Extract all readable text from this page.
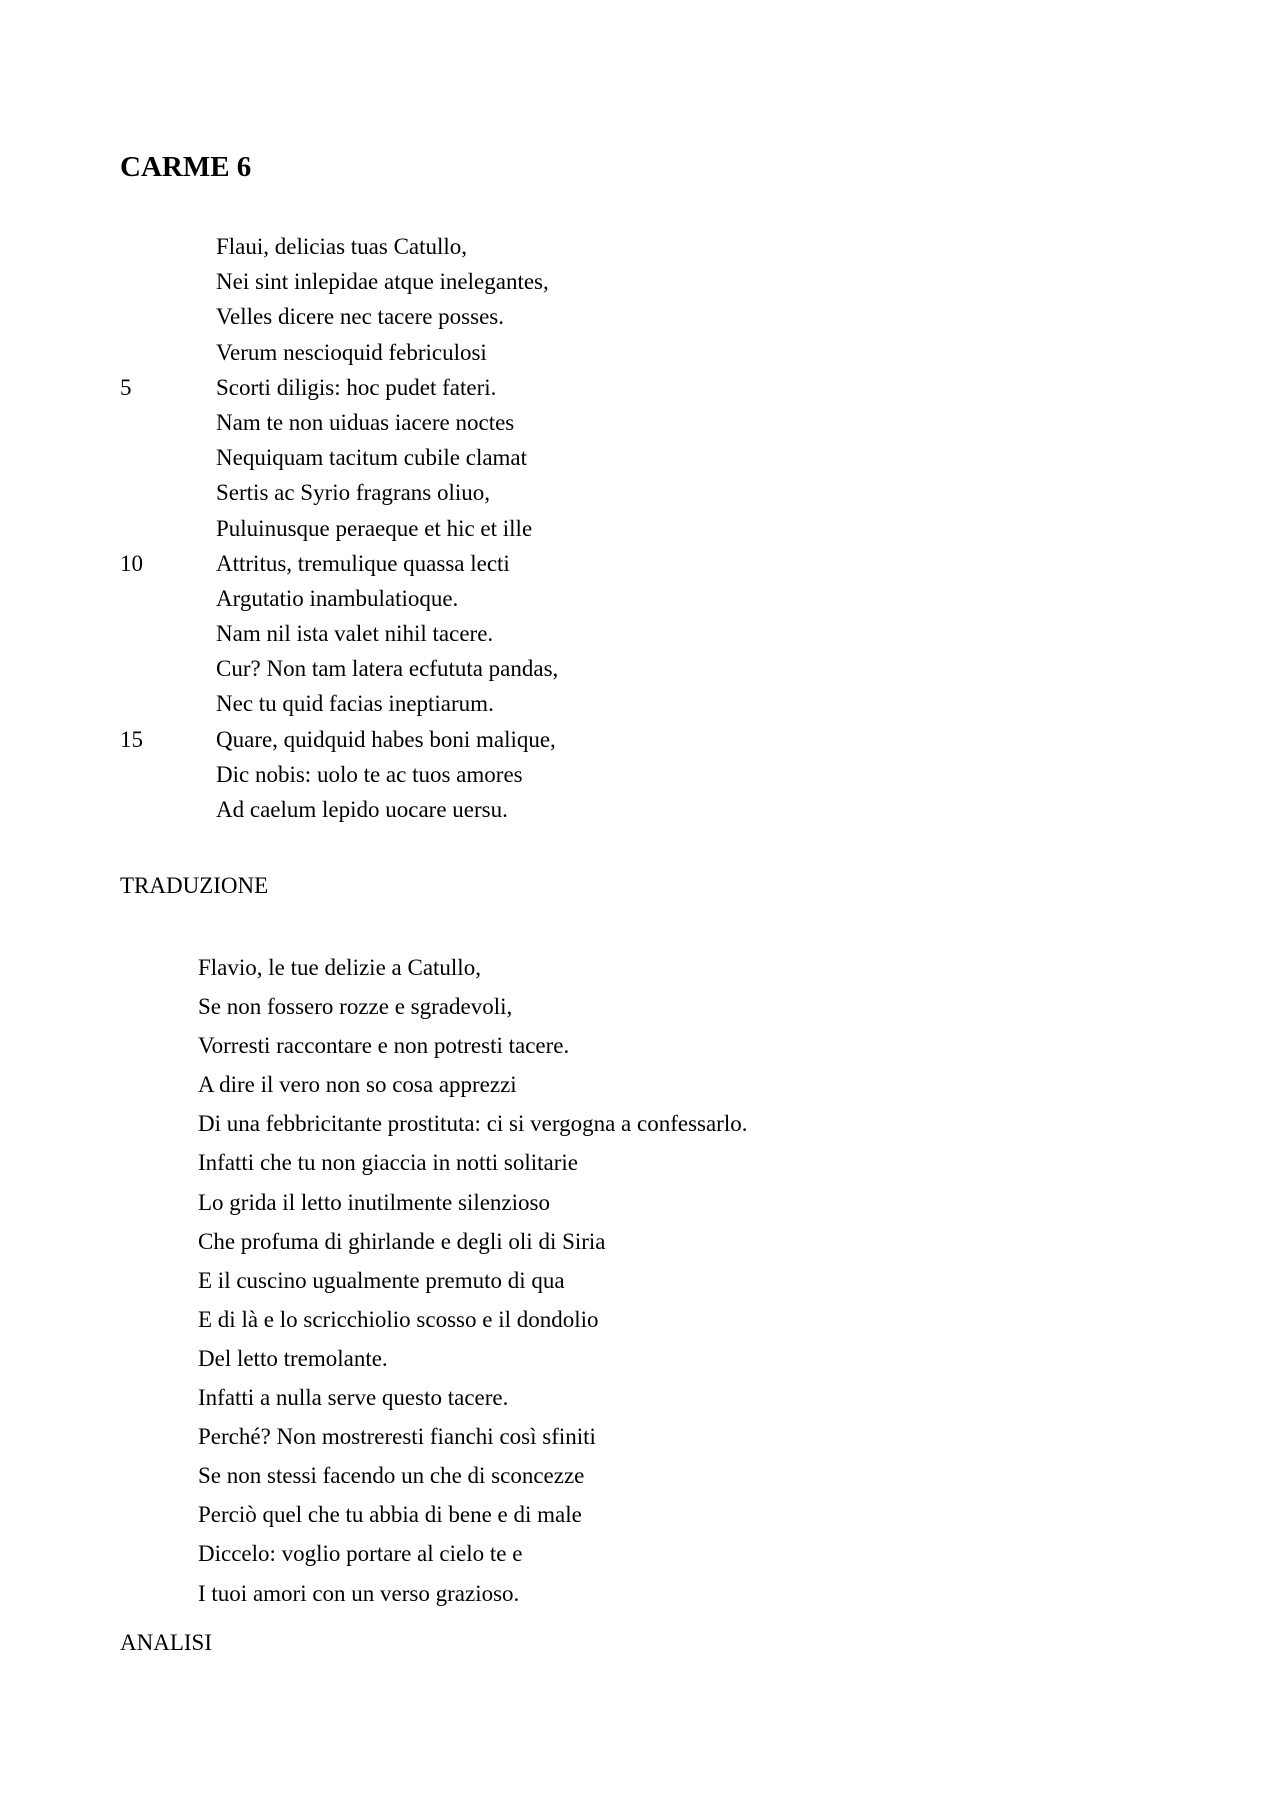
CARME 6
Flaui, delicias tuas Catullo,
Nei sint inlepidae atque inelegantes,
Velles dicere nec tacere posses.
Verum nescioquid febriculosi
5	Scorti diligis: hoc pudet fateri.
Nam te non uiduas iacere noctes
Nequiquam tacitum cubile clamat
Sertis ac Syrio fragrans oliuo,
Puluinusque peraeque et hic et ille
10	Attritus, tremulique quassa lecti
Argutatio inambulatioque.
Nam nil ista valet nihil tacere.
Cur? Non tam latera ecfututa pandas,
Nec tu quid facias ineptiarum.
15	Quare, quidquid habes boni malique,
Dic nobis: uolo te ac tuos amores
Ad caelum lepido uocare uersu.
TRADUZIONE
Flavio, le tue delizie a Catullo,
Se non fossero rozze e sgradevoli,
Vorresti raccontare e non potresti tacere.
A dire il vero non so cosa apprezzi
Di una febbricitante prostituta: ci si vergogna a confessarlo.
Infatti che tu non giaccia in notti solitarie
Lo grida il letto inutilmente silenzioso
Che profuma di ghirlande e degli oli di Siria
E il cuscino ugualmente premuto di qua
E di là e lo scricchiolio scosso e il dondolio
Del letto tremolante.
Infatti a nulla serve questo tacere.
Perché? Non mostreresti fianchi così sfiniti
Se non stessi facendo un che di sconcezze
Perciò quel che tu abbia di bene e di male
Diccelo: voglio portare al cielo te e
I tuoi amori con un verso grazioso.
ANALISI
